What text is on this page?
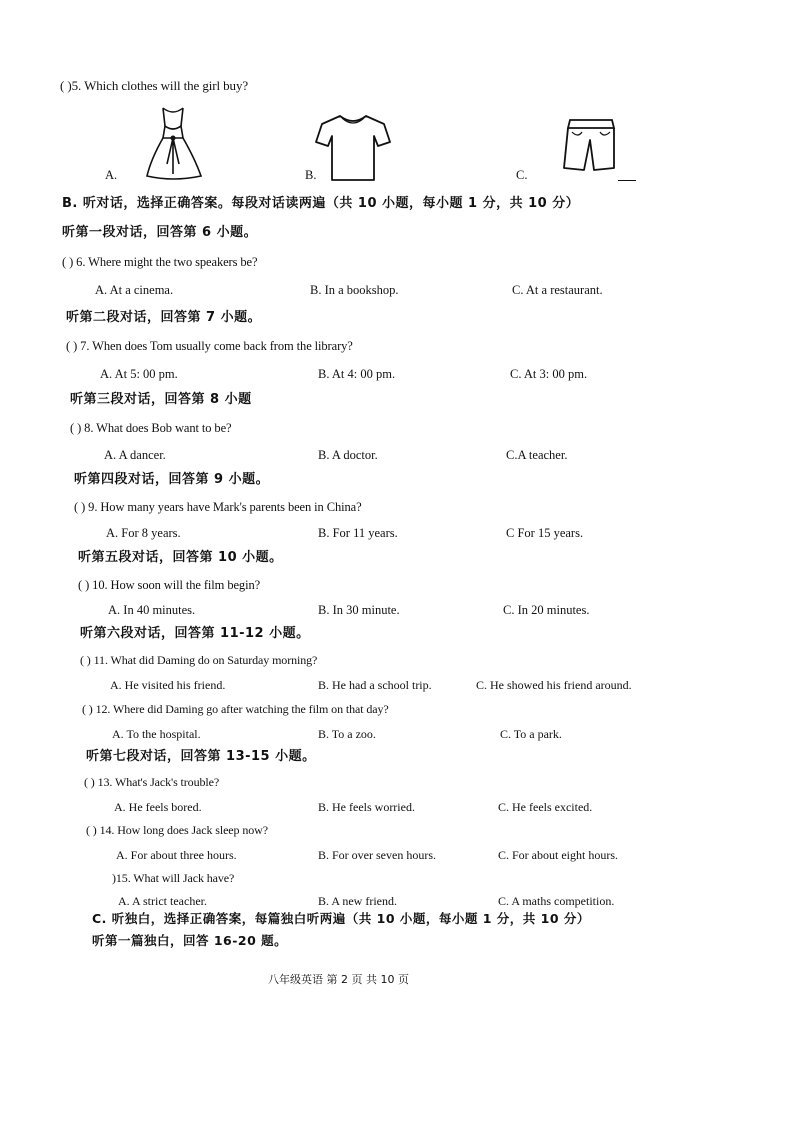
( )5. Which clothes will the girl buy?
A.	B.	C.
B. 听对话，选择正确答案。每段对话读两遍（共 10 小题，每小题 1 分，共 10 分）
听第一段对话，回答第 6 小题。
( ) 6. Where might the two speakers be?
A. At a cinema.	B. In a bookshop.	C. At a restaurant.
听第二段对话，回答第 7 小题。
( ) 7. When does Tom usually come back from the library?
A. At 5: 00 pm.	B. At 4: 00 pm.	C. At 3: 00 pm.
听第三段对话，回答第 8 小题
( ) 8. What does Bob want to be?
A. A dancer.	B. A doctor.	C.A teacher.
听第四段对话，回答第 9 小题。
( ) 9. How many years have Mark's parents been in China?
A. For 8 years.	B. For 11 years.	C For 15 years.
听第五段对话，回答第 10 小题。
( ) 10. How soon will the film begin?
A. In 40 minutes.	B. In 30 minute.	C. In 20 minutes.
听第六段对话，回答第 11-12 小题。
( ) 11. What did Daming do on Saturday morning?
A. He visited his friend.	B. He had a school trip.	C. He showed his friend around.
( ) 12. Where did Daming go after watching the film on that day?
A. To the hospital.	B. To a zoo.	C. To a park.
听第七段对话，回答第 13-15 小题。
( ) 13. What's Jack's trouble?
A. He feels bored.	B. He feels worried.	C. He feels excited.
( ) 14. How long does Jack sleep now?
A. For about three hours.	B. For over seven hours.	C. For about eight hours.
)15. What will Jack have?
A. A strict teacher.	B. A new friend.	C. A maths competition.
C. 听独白，选择正确答案，每篇独白听两遍（共 10 小题，每小题 1 分，共 10 分）
听第一篇独白，回答 16-20 题。
八年级英语 第 2 页 共 10 页
